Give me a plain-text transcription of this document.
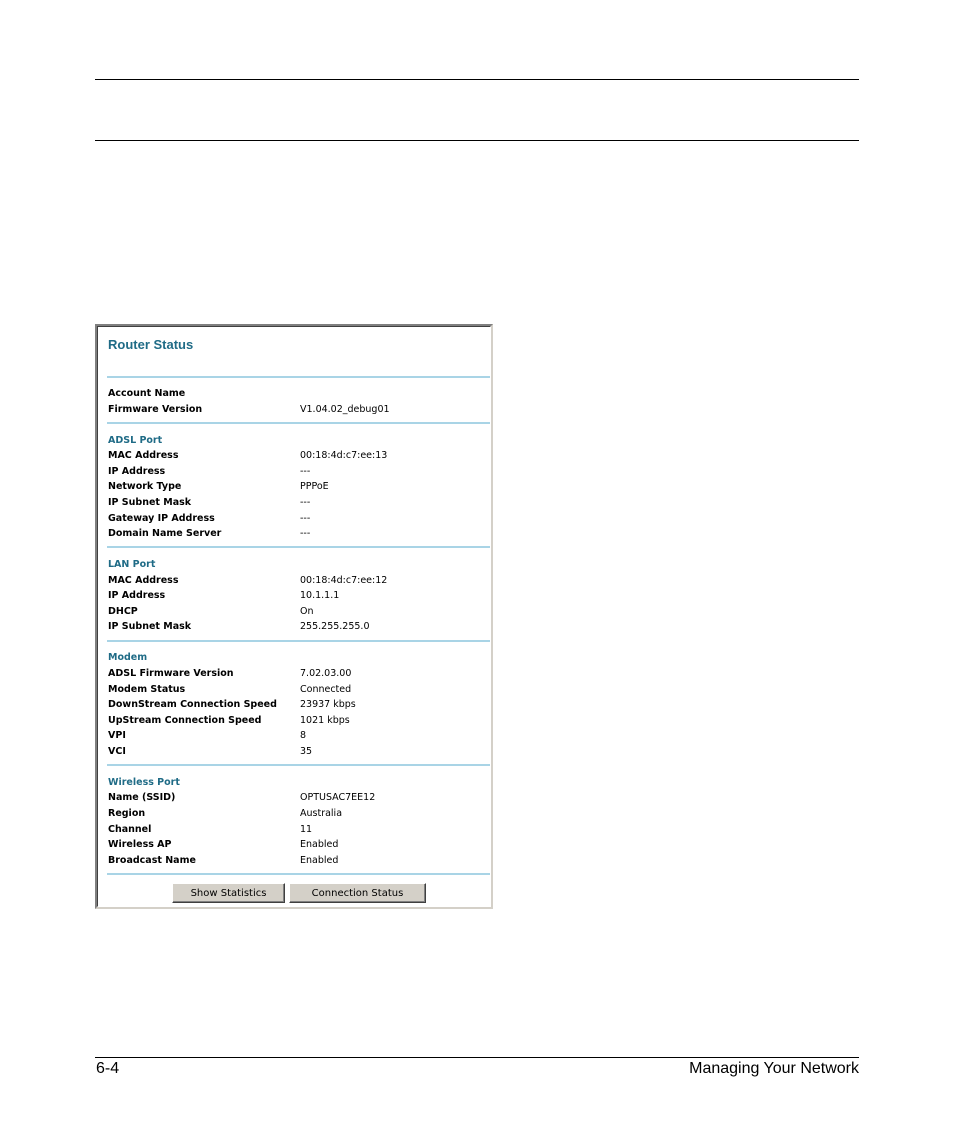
Router Status
Account Name
Firmware Version	V1.04.02_debug01
ADSL Port
MAC Address	00:18:4d:c7:ee:13
IP Address	---
Network Type	PPPoE
IP Subnet Mask	---
Gateway IP Address	---
Domain Name Server	---
LAN Port
MAC Address	00:18:4d:c7:ee:12
IP Address	10.1.1.1
DHCP	On
IP Subnet Mask	255.255.255.0
Modem
ADSL Firmware Version	7.02.03.00
Modem Status	Connected
DownStream Connection Speed 23937 kbps
UpStream Connection Speed	1021 kbps
VPI	8
VCI	35
Wireless Port
Name (SSID)	OPTUSAC7EE12
Region	Australia
Channel	11
Wireless AP	Enabled
Broadcast Name	Enabled
Show Statistics	Connection Status
6-4	Managing Your Network
